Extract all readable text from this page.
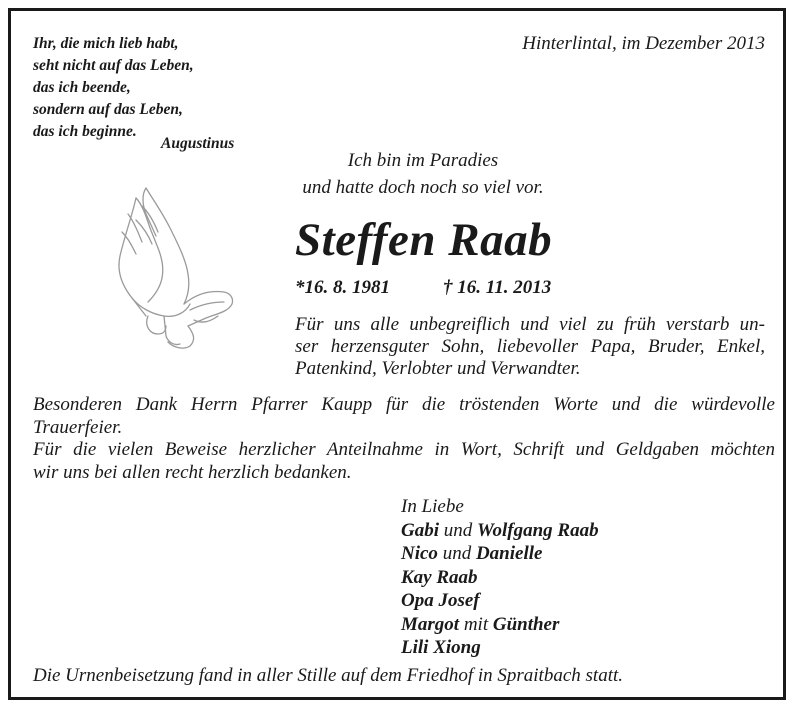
Ihr, die mich lieb habt,
seht nicht auf das Leben,
das ich beende,
sondern auf das Leben,
das ich beginne.
Augustinus
Hinterlintal, im Dezember 2013
Ich bin im Paradies
und hatte doch noch so viel vor.
Steffen Raab
*16. 8. 1981	† 16. 11. 2013
Für uns alle unbegreiflich und viel zu früh verstarb un-
ser herzensguter Sohn, liebevoller Papa, Bruder, Enkel,
Patenkind, Verlobter und Verwandter.
Besonderen Dank Herrn Pfarrer Kaupp für die tröstenden Worte und die würdevolle
Trauerfeier.
Für die vielen Beweise herzlicher Anteilnahme in Wort, Schrift und Geldgaben möchten
wir uns bei allen recht herzlich bedanken.
In Liebe
Gabi und Wolfgang Raab
Nico und Danielle
Kay Raab
Opa Josef
Margot mit Günther
Lili Xiong
Die Urnenbeisetzung fand in aller Stille auf dem Friedhof in Spraitbach statt.
